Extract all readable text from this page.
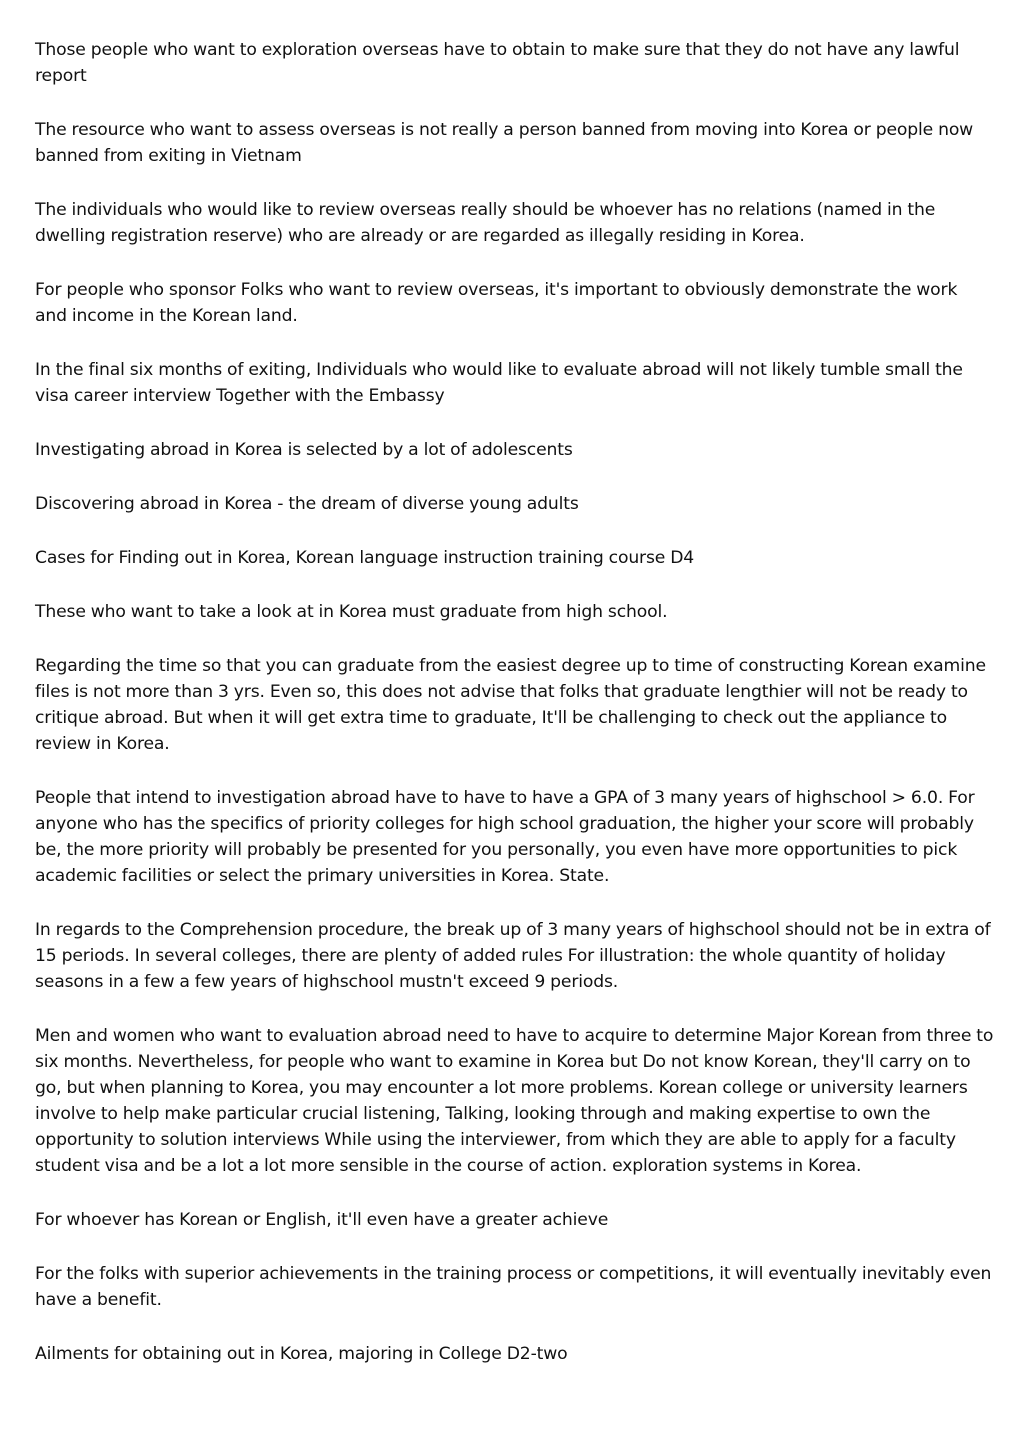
Those people who want to exploration overseas have to obtain to make sure that they do not have any lawful report

The resource who want to assess overseas is not really a person banned from moving into Korea or people now banned from exiting in Vietnam

The individuals who would like to review overseas really should be whoever has no relations (named in the dwelling registration reserve) who are already or are regarded as illegally residing in Korea.

For people who sponsor Folks who want to review overseas, it's important to obviously demonstrate the work and income in the Korean land.

In the final six months of exiting, Individuals who would like to evaluate abroad will not likely tumble small the visa career interview Together with the Embassy

Investigating abroad in Korea is selected by a lot of adolescents

Discovering abroad in Korea - the dream of diverse young adults

Cases for Finding out in Korea, Korean language instruction training course D4

These who want to take a look at in Korea must graduate from high school.

Regarding the time so that you can graduate from the easiest degree up to time of constructing Korean examine files is not more than 3 yrs. Even so, this does not advise that folks that graduate lengthier will not be ready to critique abroad. But when it will get extra time to graduate, It'll be challenging to check out the appliance to review in Korea.

People that intend to investigation abroad have to have to have a GPA of 3 many years of highschool > 6.0. For anyone who has the specifics of priority colleges for high school graduation, the higher your score will probably be, the more priority will probably be presented for you personally, you even have more opportunities to pick academic facilities or select the primary universities in Korea. State.

In regards to the Comprehension procedure, the break up of 3 many years of highschool should not be in extra of 15 periods. In several colleges, there are plenty of added rules For illustration: the whole quantity of holiday seasons in a few a few years of highschool mustn't exceed 9 periods.

Men and women who want to evaluation abroad need to have to acquire to determine Major Korean from three to six months. Nevertheless, for people who want to examine in Korea but Do not know Korean, they'll carry on to go, but when planning to Korea, you may encounter a lot more problems. Korean college or university learners involve to help make particular crucial listening, Talking, looking through and making expertise to own the opportunity to solution interviews While using the interviewer, from which they are able to apply for a faculty student visa and be a lot a lot more sensible in the course of action. exploration systems in Korea.

For whoever has Korean or English, it'll even have a greater achieve

For the folks with superior achievements in the training process or competitions, it will eventually inevitably even have a benefit.

Ailments for obtaining out in Korea, majoring in College D2-two
